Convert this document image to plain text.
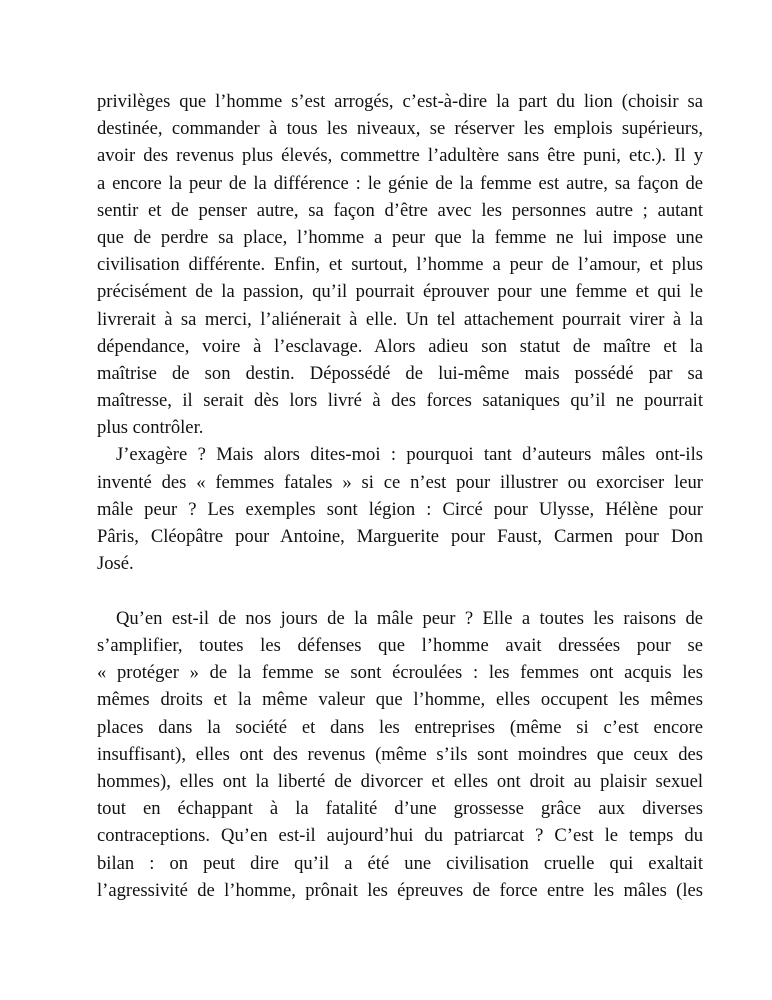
privilèges que l’homme s’est arrogés, c’est-à-dire la part du lion (choisir sa
destinée, commander à tous les niveaux, se réserver les emplois supérieurs,
avoir des revenus plus élevés, commettre l’adultère sans être puni, etc.). Il y
a encore la peur de la différence : le génie de la femme est autre, sa façon de
sentir et de penser autre, sa façon d’être avec les personnes autre ; autant
que de perdre sa place, l’homme a peur que la femme ne lui impose une
civilisation différente. Enfin, et surtout, l’homme a peur de l’amour, et plus
précisément de la passion, qu’il pourrait éprouver pour une femme et qui le
livrerait à sa merci, l’aliénerait à elle. Un tel attachement pourrait virer à la
dépendance, voire à l’esclavage. Alors adieu son statut de maître et la
maîtrise de son destin. Dépossédé de lui-même mais possédé par sa
maîtresse, il serait dès lors livré à des forces sataniques qu’il ne pourrait
plus contrôler.
J’exagère ? Mais alors dites-moi : pourquoi tant d’auteurs mâles ont-ils
inventé des « femmes fatales » si ce n’est pour illustrer ou exorciser leur
mâle peur ? Les exemples sont légion : Circé pour Ulysse, Hélène pour
Pâris, Cléopâtre pour Antoine, Marguerite pour Faust, Carmen pour Don
José.
Qu’en est-il de nos jours de la mâle peur ? Elle a toutes les raisons de
s’amplifier, toutes les défenses que l’homme avait dressées pour se
« protéger » de la femme se sont écroulées : les femmes ont acquis les
mêmes droits et la même valeur que l’homme, elles occupent les mêmes
places dans la société et dans les entreprises (même si c’est encore
insuffisant), elles ont des revenus (même s’ils sont moindres que ceux des
hommes), elles ont la liberté de divorcer et elles ont droit au plaisir sexuel
tout en échappant à la fatalité d’une grossesse grâce aux diverses
contraceptions. Qu’en est-il aujourd’hui du patriarcat ? C’est le temps du
bilan : on peut dire qu’il a été une civilisation cruelle qui exaltait
l’agressivité de l’homme, prônait les épreuves de force entre les mâles (les
